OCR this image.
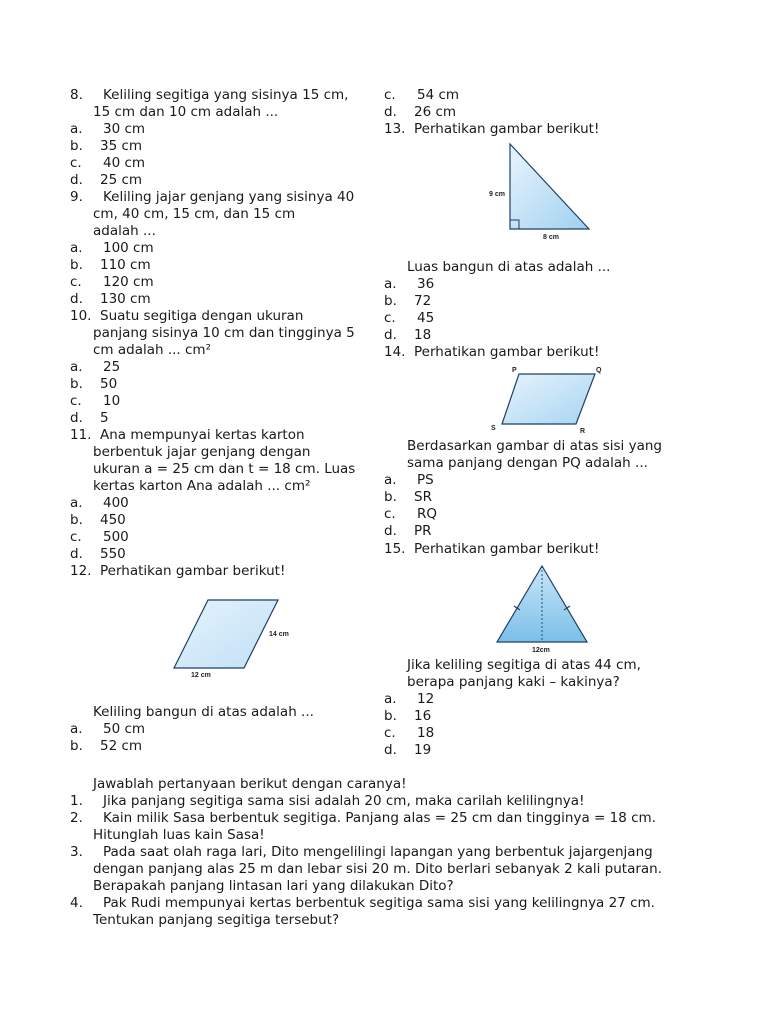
8. Keliling segitiga yang sisinya 15 cm,
15 cm dan 10 cm adalah ...
a. 30 cm
b. 35 cm
c. 40 cm
d. 25 cm
9. Keliling jajar genjang yang sisinya 40
cm, 40 cm, 15 cm, dan 15 cm
adalah ...
a. 100 cm
b. 110 cm
c. 120 cm
d. 130 cm
10. Suatu segitiga dengan ukuran
panjang sisinya 10 cm dan tingginya 5
cm adalah ... cm²
a. 25
b. 50
c. 10
d. 5
11. Ana mempunyai kertas karton
berbentuk jajar genjang dengan
ukuran a = 25 cm dan t = 18 cm. Luas
kertas karton Ana adalah ... cm²
a. 400
b. 450
c. 500
d. 550
12. Perhatikan gambar berikut!
14 cm
12 cm
Keliling bangun di atas adalah ...
a. 50 cm
b. 52 cm
c. 54 cm
d. 26 cm
13. Perhatikan gambar berikut!
9 cm
8 cm
Luas bangun di atas adalah ...
a. 36
b. 72
c. 45
d. 18
14. Perhatikan gambar berikut!
P	Q
S	R
Berdasarkan gambar di atas sisi yang
sama panjang dengan PQ adalah ...
a. PS
b. SR
c. RQ
d. PR
15. Perhatikan gambar berikut!
12cm
Jika keliling segitiga di atas 44 cm,
berapa panjang kaki – kakinya?
a. 12
b. 16
c. 18
d. 19
Jawablah pertanyaan berikut dengan caranya!
1. Jika panjang segitiga sama sisi adalah 20 cm, maka carilah kelilingnya!
2. Kain milik Sasa berbentuk segitiga. Panjang alas = 25 cm dan tingginya = 18 cm.
Hitunglah luas kain Sasa!
3. Pada saat olah raga lari, Dito mengelilingi lapangan yang berbentuk jajargenjang
dengan panjang alas 25 m dan lebar sisi 20 m. Dito berlari sebanyak 2 kali putaran.
Berapakah panjang lintasan lari yang dilakukan Dito?
4. Pak Rudi mempunyai kertas berbentuk segitiga sama sisi yang kelilingnya 27 cm.
Tentukan panjang segitiga tersebut?
